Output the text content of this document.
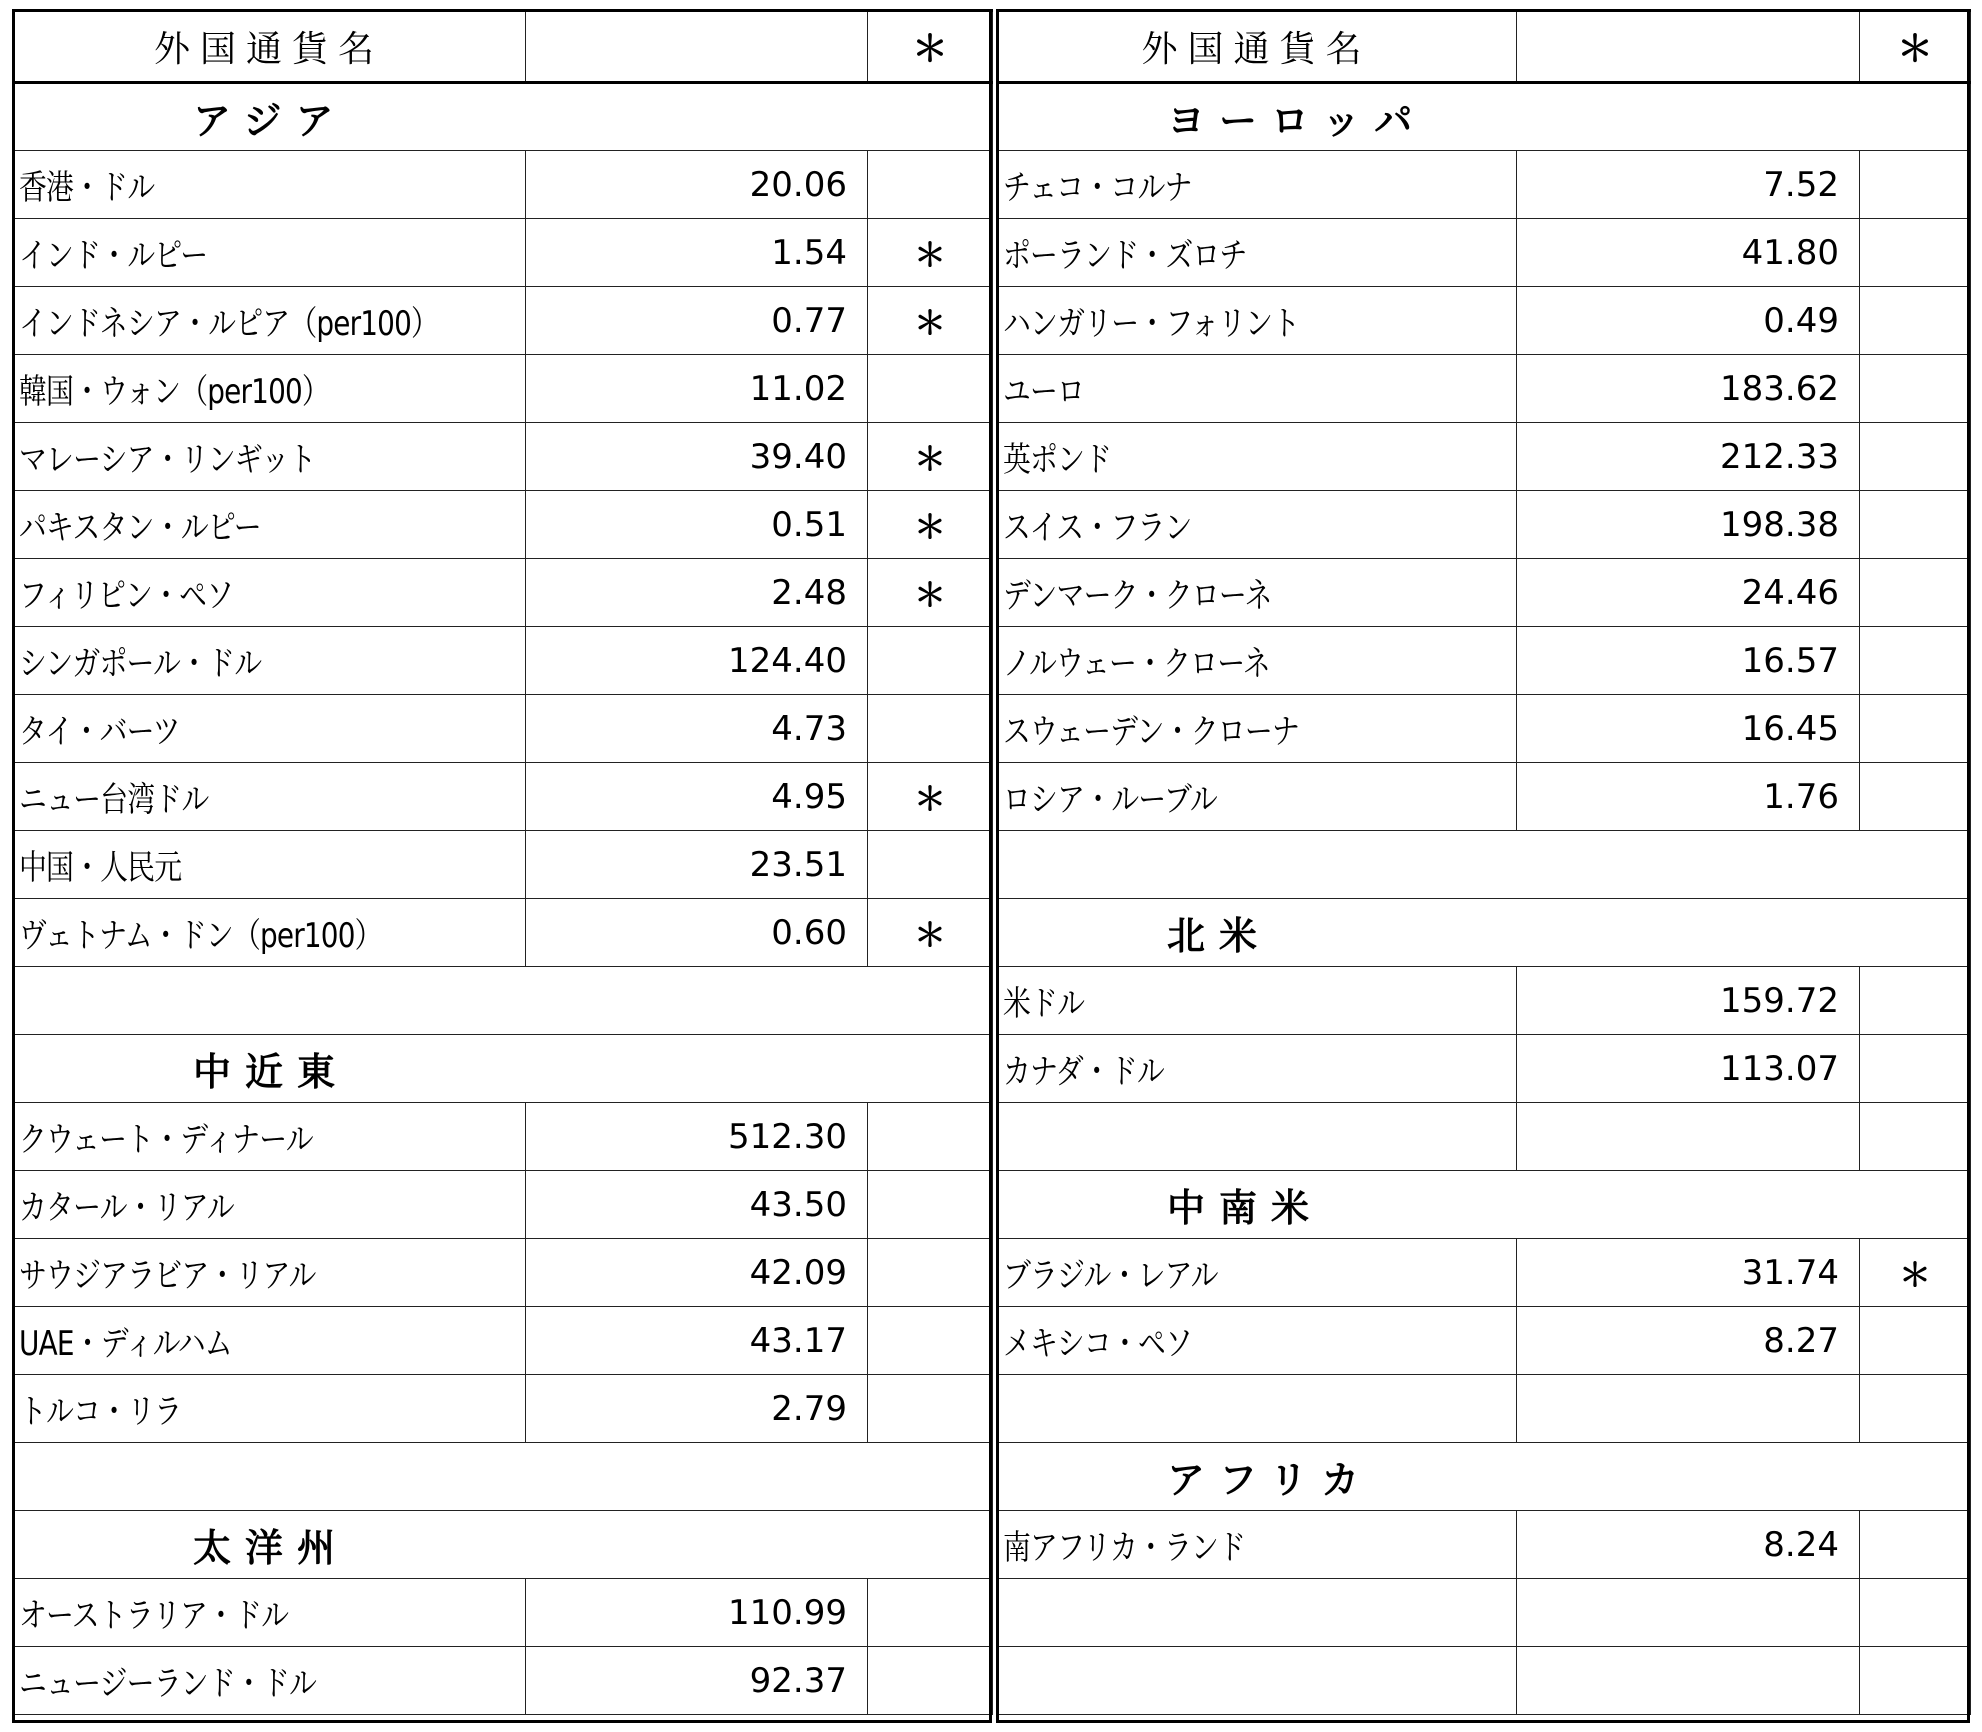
外国通貨名		＊
アジア		
香港・ドル	20.06	
インド・ルピー	1.54	＊
インドネシア・ルピア（per100）	0.77	＊
韓国・ウォン（per100）	11.02	
マレーシア・リンギット	39.40	＊
パキスタン・ルピー	0.51	＊
フィリピン・ペソ	2.48	＊
シンガポール・ドル	124.40	
タイ・バーツ	4.73	
ニュー台湾ドル	4.95	＊
中国・人民元	23.51	
ヴェトナム・ドン（per100）	0.60	＊

中近東		
クウェート・ディナール	512.30	
カタール・リアル	43.50	
サウジアラビア・リアル	42.09	
UAE・ディルハム	43.17	
トルコ・リラ	2.79	

太洋州		
オーストラリア・ドル	110.99	
ニュージーランド・ドル	92.37	
外国通貨名		＊
ヨーロッパ		
チェコ・コルナ	7.52	
ポーランド・ズロチ	41.80	
ハンガリー・フォリント	0.49	
ユーロ	183.62	
英ポンド	212.33	
スイス・フラン	198.38	
デンマーク・クローネ	24.46	
ノルウェー・クローネ	16.57	
スウェーデン・クローナ	16.45	
ロシア・ルーブル	1.76	

北米		
米ドル	159.72	
カナダ・ドル	113.07	

中南米		
ブラジル・レアル	31.74	＊
メキシコ・ペソ	8.27	

アフリカ		
南アフリカ・ランド	8.24	
